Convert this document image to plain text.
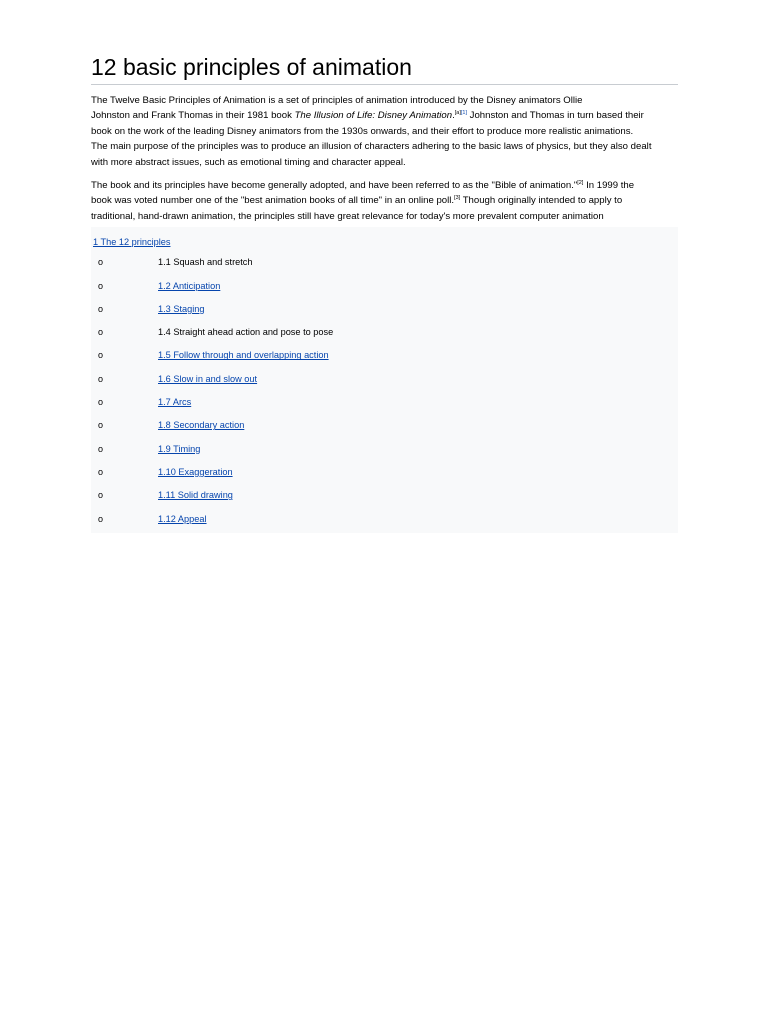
12 basic principles of animation

The Twelve Basic Principles of Animation is a set of principles of animation introduced by the Disney animators Ollie
Johnston and Frank Thomas in their 1981 book The Illusion of Life: Disney Animation.[a][1] Johnston and Thomas in turn based their
book on the work of the leading Disney animators from the 1930s onwards, and their effort to produce more realistic animations.
The main purpose of the principles was to produce an illusion of characters adhering to the basic laws of physics, but they also dealt
with more abstract issues, such as emotional timing and character appeal.

The book and its principles have become generally adopted, and have been referred to as the "Bible of animation."[2] In 1999 the
book was voted number one of the "best animation books of all time" in an online poll.[3] Though originally intended to apply to
traditional, hand-drawn animation, the principles still have great relevance for today's more prevalent computer animation

1 The 12 principles
o	1.1 Squash and stretch
o	1.2 Anticipation
o	1.3 Staging
o	1.4 Straight ahead action and pose to pose
o	1.5 Follow through and overlapping action
o	1.6 Slow in and slow out
o	1.7 Arcs
o	1.8 Secondary action
o	1.9 Timing
o	1.10 Exaggeration
o	1.11 Solid drawing
o	1.12 Appeal
